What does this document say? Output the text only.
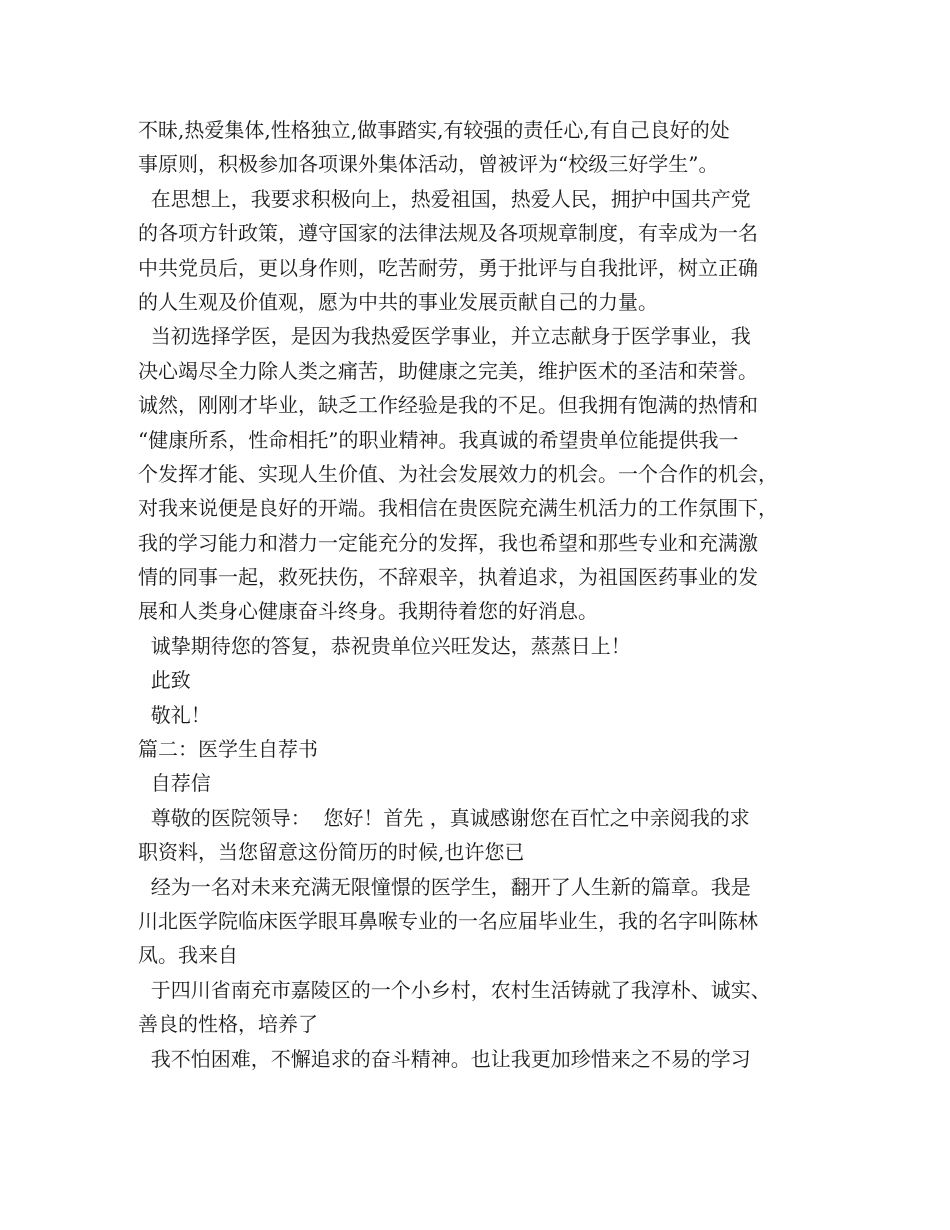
不昧,热爱集体,性格独立,做事踏实,有较强的责任心,有自己良好的处
事原则，积极参加各项课外集体活动，曾被评为“校级三好学生”。
在思想上，我要求积极向上，热爱祖国，热爱人民，拥护中国共产党
的各项方针政策，遵守国家的法律法规及各项规章制度，有幸成为一名
中共党员后，更以身作则，吃苦耐劳，勇于批评与自我批评，树立正确
的人生观及价值观，愿为中共的事业发展贡献自己的力量。
当初选择学医，是因为我热爱医学事业，并立志献身于医学事业，我
决心竭尽全力除人类之痛苦，助健康之完美，维护医术的圣洁和荣誉。
诚然，刚刚才毕业，缺乏工作经验是我的不足。但我拥有饱满的热情和
“健康所系，性命相托”的职业精神。我真诚的希望贵单位能提供我一
个发挥才能、实现人生价值、为社会发展效力的机会。一个合作的机会，
对我来说便是良好的开端。我相信在贵医院充满生机活力的工作氛围下，
我的学习能力和潜力一定能充分的发挥，我也希望和那些专业和充满激
情的同事一起，救死扶伤，不辞艰辛，执着追求，为祖国医药事业的发
展和人类身心健康奋斗终身。我期待着您的好消息。
诚挚期待您的答复，恭祝贵单位兴旺发达，蒸蒸日上！
此致
敬礼！
篇二：医学生自荐书
自荐信
尊敬的医院领导：  您好！首先 ，真诚感谢您在百忙之中亲阅我的求
职资料，当您留意这份简历的时候,也许您已
经为一名对未来充满无限憧憬的医学生，翻开了人生新的篇章。我是
川北医学院临床医学眼耳鼻喉专业的一名应届毕业生，我的名字叫陈林
凤。我来自
于四川省南充市嘉陵区的一个小乡村，农村生活铸就了我淳朴、诚实、
善良的性格，培养了
我不怕困难，不懈追求的奋斗精神。也让我更加珍惜来之不易的学习
